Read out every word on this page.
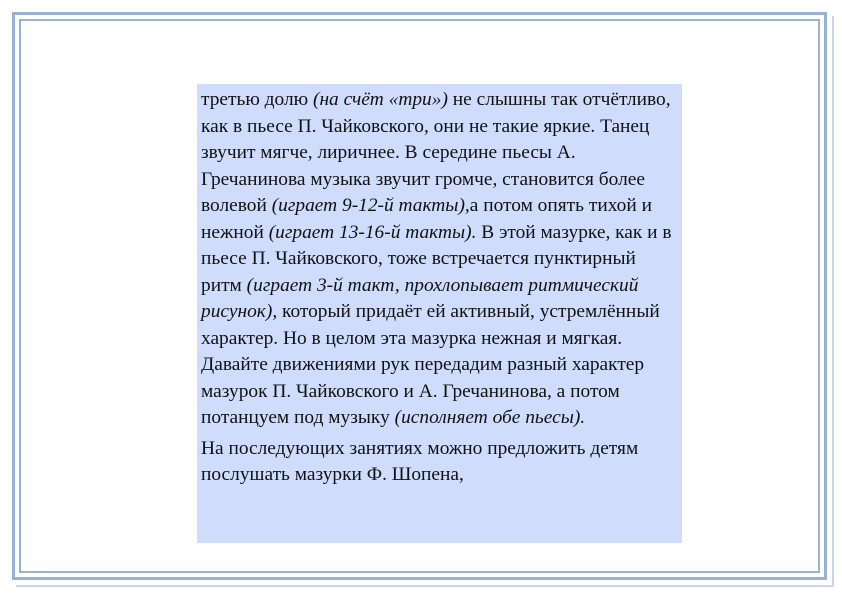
третью долю (на счёт «три») не слышны так отчётливо, как в пьесе П. Чайковского, они не такие яркие. Танец звучит мягче, лиричнее. В середине пьесы А. Гречанинова музыка звучит громче, становится более волевой (играет 9-12-й такты),а потом опять тихой и нежной (играет 13-16-й такты). В этой мазурке, как и в пьесе П. Чайковского, тоже встречается пунктирный ритм (играет 3-й такт, прохлопывает ритмический рисунок), который придаёт ей активный, устремлённый характер. Но в целом эта мазурка нежная и мягкая. Давайте движениями рук передадим разный характер мазурок П. Чайковского и А. Гречанинова, а потом потанцуем под музыку (исполняет обе пьесы).

На последующих занятиях можно предложить детям послушать мазурки Ф. Шопена,
